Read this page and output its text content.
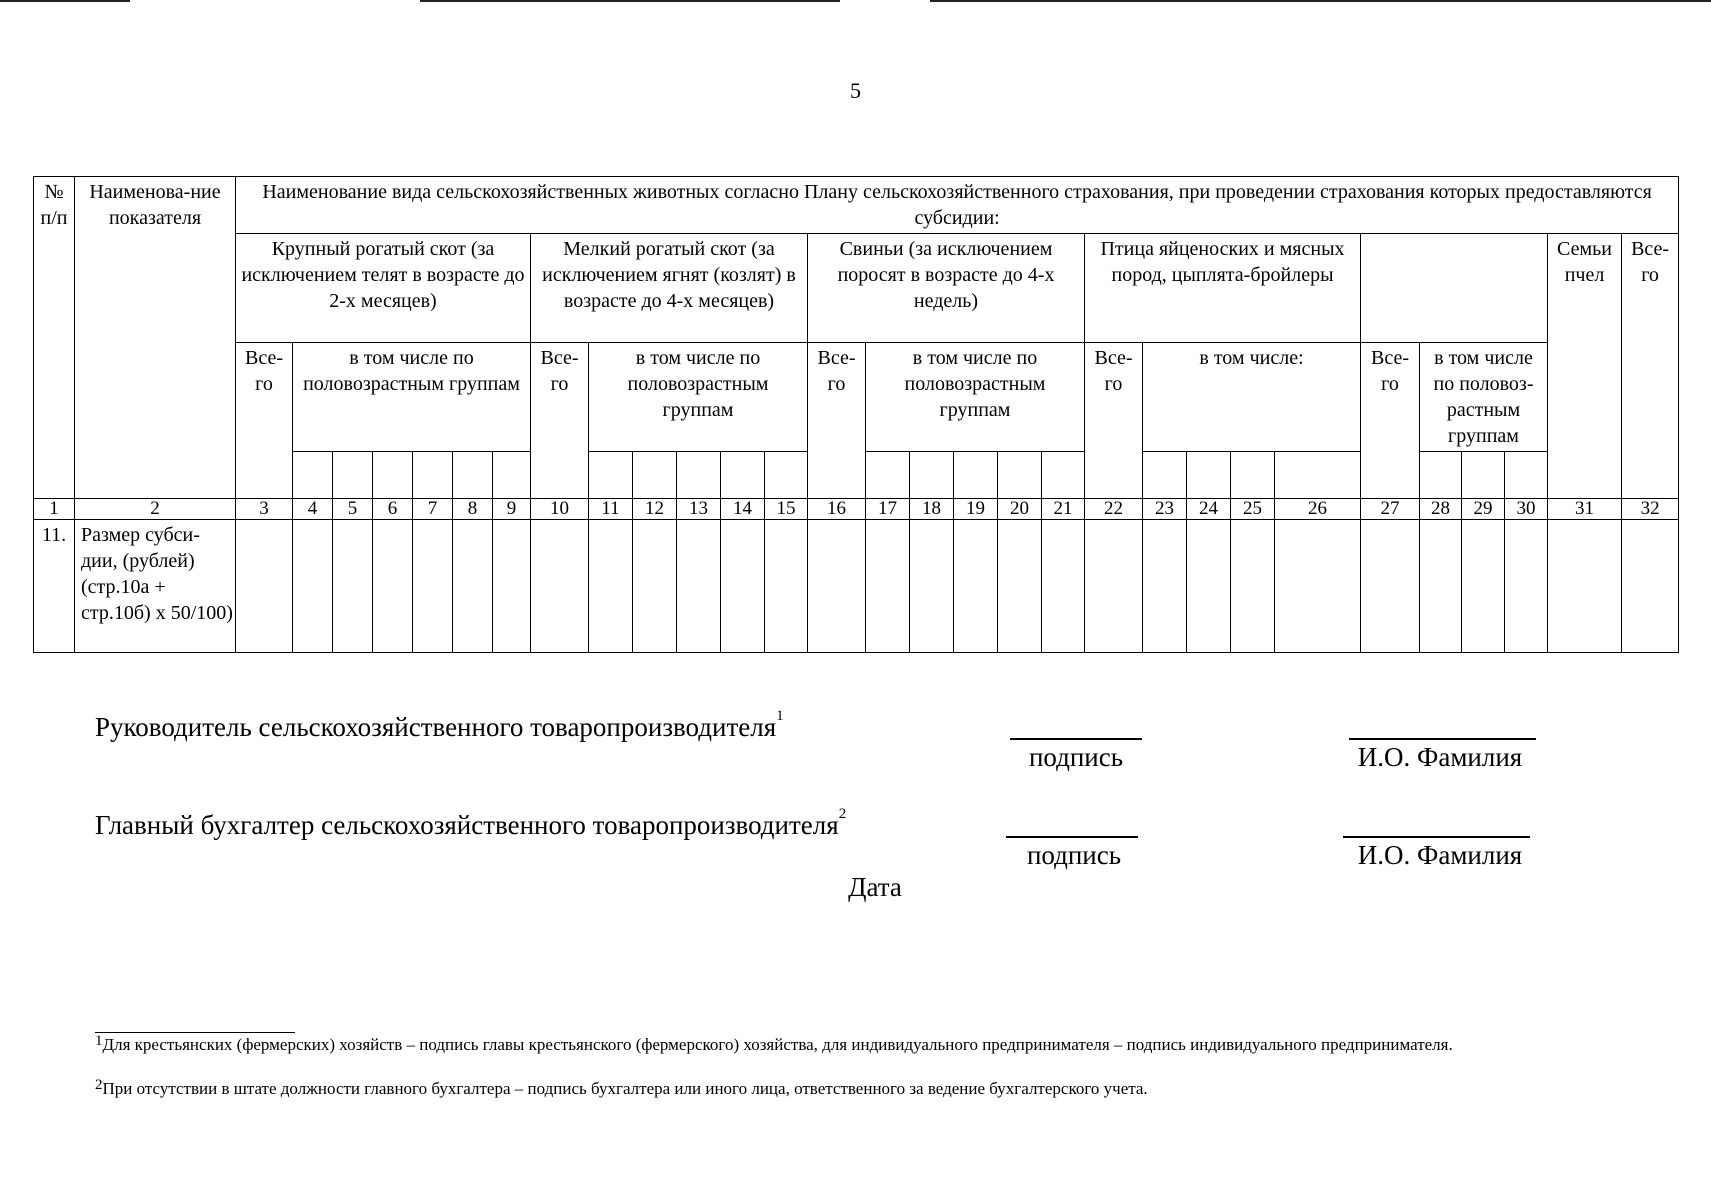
5
№ п/п	Наименова-ние показателя	Наименование вида сельскохозяйственных животных согласно Плану сельскохозяйственного страхования, при проведении страхования которых предоставляются субсидии:																													
		Крупный рогатый скот (за исключением телят в возрасте до 2-х месяцев)							Мелкий рогатый скот (за исключением ягнят (козлят) в возрасте до 4-х месяцев)						Свиньи (за исключением поросят в возрасте до 4-х недель)						Птица яйценоских и мясных пород, цыплята-бройлеры									Семьи пчел	Все-го
		Все-го	в том числе по половозрастным группам						Все-го	в том числе по половозрастным группам					Все-го	в том числе по половозрастным группам					Все-го	в том числе:				Все-го	в том числе по половоз-растным группам				

1	2	3	4	5	6	7	8	9	10	11	12	13	14	15	16	17	18	19	20	21	22	23	24	25	26	27	28	29	30	31	32
11.	Размер субси-дии, (рублей) (стр.10а + стр.10б) x 50/100)																														
Руководитель сельскохозяйственного товаропроизводителя$^1$
подпись	И.О. Фамилия
Главный бухгалтер сельскохозяйственного товаропроизводителя$^2$
подпись	И.О. Фамилия
Дата
1Для крестьянских (фермерских) хозяйств – подпись главы крестьянского (фермерского) хозяйства, для индивидуального предпринимателя – подпись индивидуального предпринимателя.
2При отсутствии в штате должности главного бухгалтера – подпись бухгалтера или иного лица, ответственного за ведение бухгалтерского учета.
